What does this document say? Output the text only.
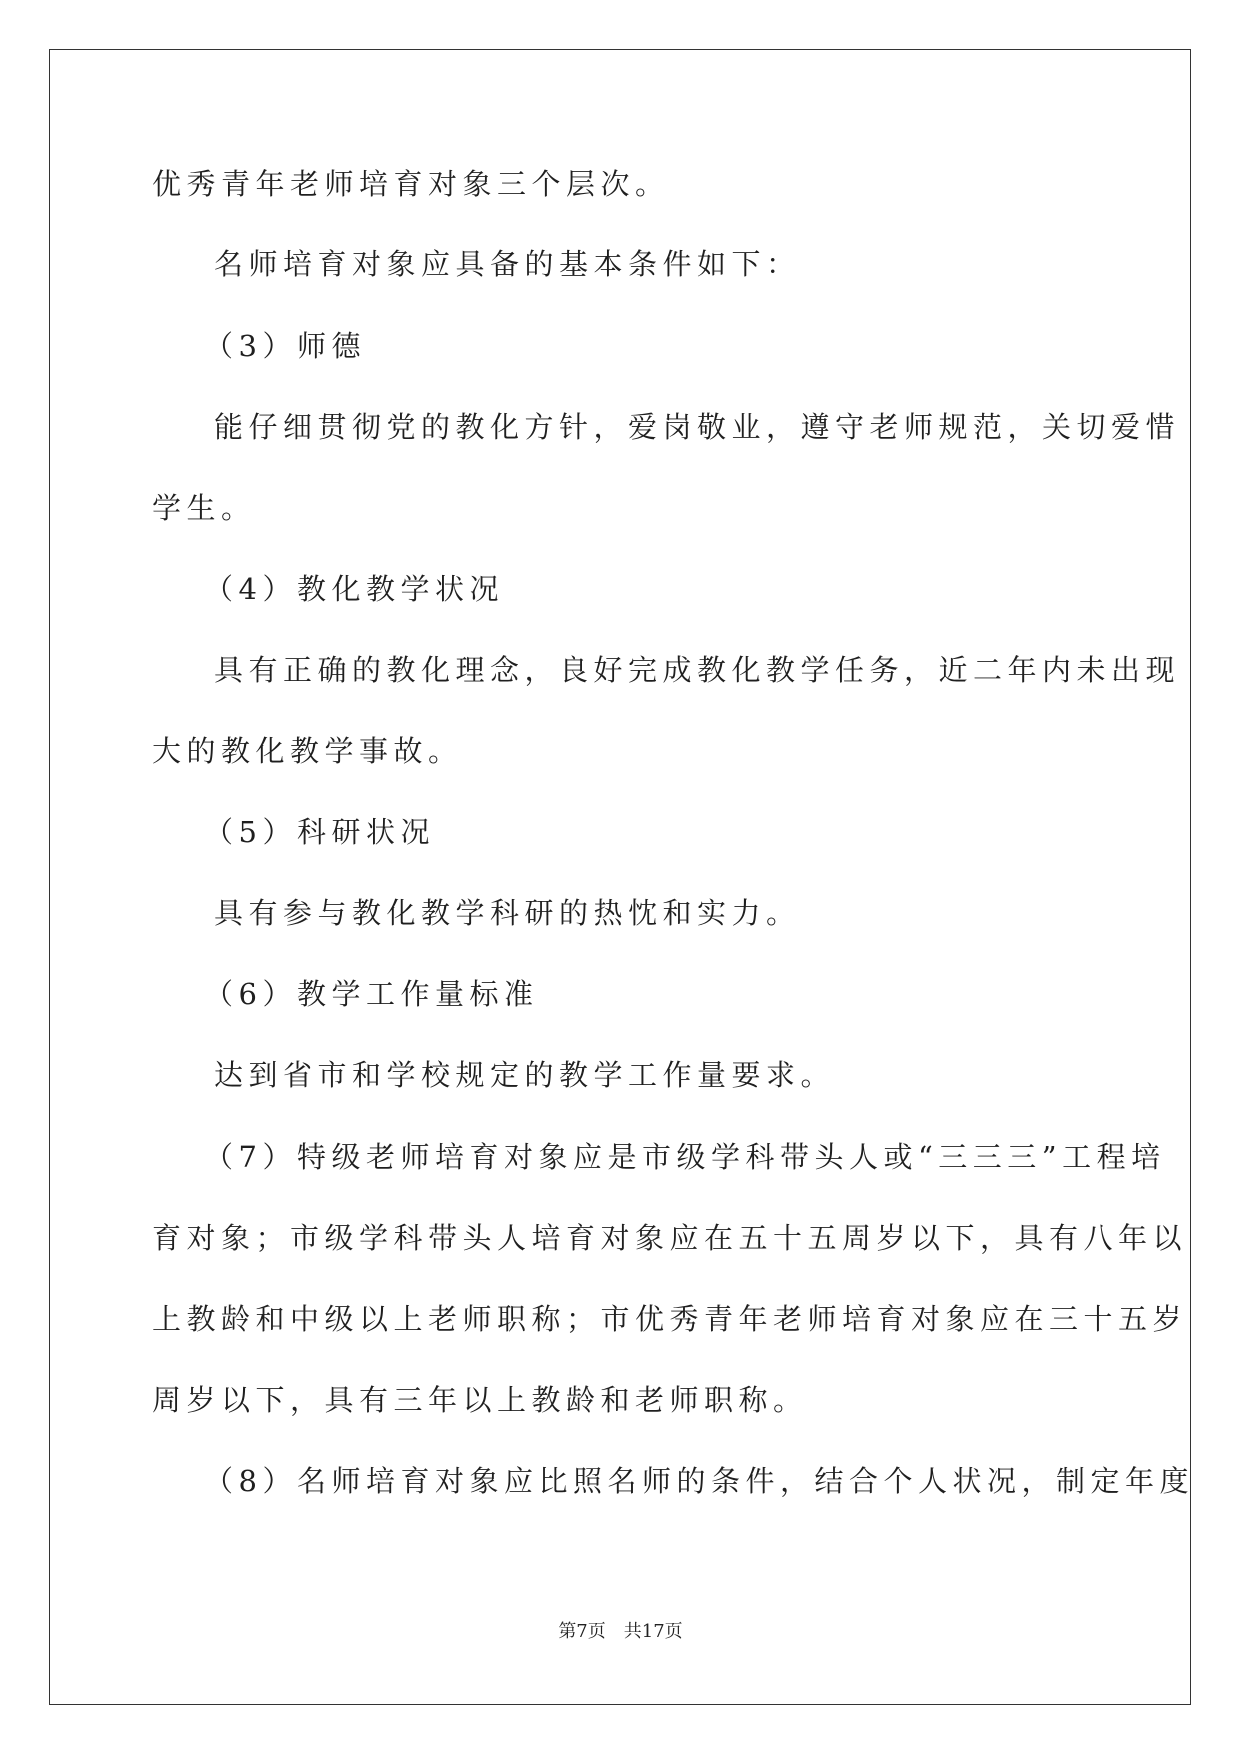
优秀青年老师培育对象三个层次。
名师培育对象应具备的基本条件如下：
（3）师德
能仔细贯彻党的教化方针，爱岗敬业，遵守老师规范，关切爱惜
学生。
（4）教化教学状况
具有正确的教化理念，良好完成教化教学任务，近二年内未出现
大的教化教学事故。
（5）科研状况
具有参与教化教学科研的热忱和实力。
（6）教学工作量标准
达到省市和学校规定的教学工作量要求。
（7）特级老师培育对象应是市级学科带头人或“三三三”工程培
育对象；市级学科带头人培育对象应在五十五周岁以下，具有八年以
上教龄和中级以上老师职称；市优秀青年老师培育对象应在三十五岁
周岁以下，具有三年以上教龄和老师职称。
（8）名师培育对象应比照名师的条件，结合个人状况，制定年度
第7页 共17页
